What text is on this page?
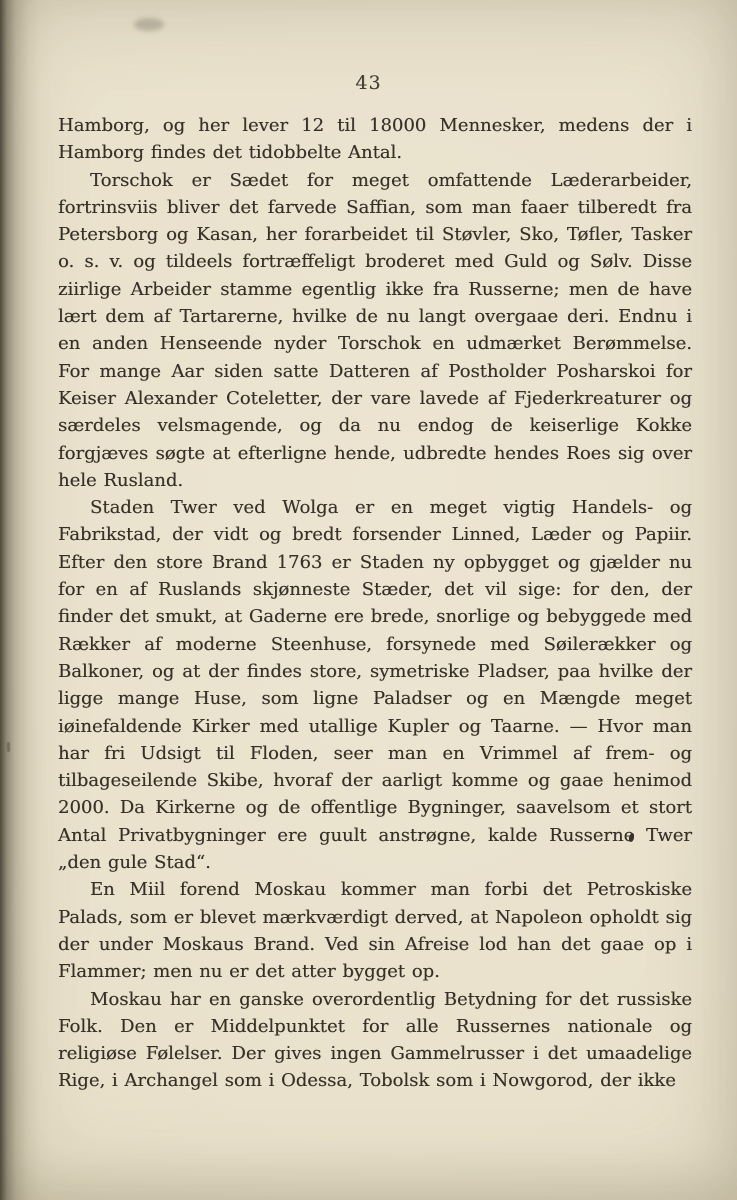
43

Hamborg, og her lever 12 til 18000 Mennesker, medens der i Hamborg findes det tidobbelte Antal.

Torschok er Sædet for meget omfattende Læderarbeider, fortrinsviis bliver det farvede Saffian, som man faaer tilberedt fra Petersborg og Kasan, her forarbeidet til Støvler, Sko, Tøfler, Tasker o. s. v. og tildeels fortræffeligt broderet med Guld og Sølv. Disse ziirlige Arbeider stamme egentlig ikke fra Russerne; men de have lært dem af Tartarerne, hvilke de nu langt overgaae deri. Endnu i en anden Henseende nyder Torschok en udmærket Berømmelse. For mange Aar siden satte Datteren af Postholder Posharskoi for Keiser Alexander Coteletter, der vare lavede af Fjederkreaturer og særdeles velsmagende, og da nu endog de keiserlige Kokke forgjæves søgte at efterligne hende, udbredte hendes Roes sig over hele Rusland.

Staden Twer ved Wolga er en meget vigtig Handels- og Fabrikstad, der vidt og bredt forsender Linned, Læder og Papiir. Efter den store Brand 1763 er Staden ny opbygget og gjælder nu for en af Ruslands skjønneste Stæder, det vil sige: for den, der finder det smukt, at Gaderne ere brede, snorlige og bebyggede med Rækker af moderne Steenhuse, forsynede med Søilerækker og Balkoner, og at der findes store, symetriske Pladser, paa hvilke der ligge mange Huse, som ligne Paladser og en Mængde meget iøinefaldende Kirker med utallige Kupler og Taarne. — Hvor man har fri Udsigt til Floden, seer man en Vrimmel af frem- og tilbageseilende Skibe, hvoraf der aarligt komme og gaae henimod 2000. Da Kirkerne og de offentlige Bygninger, saavelsom et stort Antal Privatbygninger ere guult anstrøgne, kalde Russerne Twer „den gule Stad“.

En Miil forend Moskau kommer man forbi det Petroskiske Palads, som er blevet mærkværdigt derved, at Napoleon opholdt sig der under Moskaus Brand. Ved sin Afreise lod han det gaae op i Flammer; men nu er det atter bygget op.

Moskau har en ganske overordentlig Betydning for det russiske Folk. Den er Middelpunktet for alle Russernes nationale og religiøse Følelser. Der gives ingen Gammelrusser i det umaadelige Rige, i Archangel som i Odessa, Tobolsk som i Nowgorod, der ikke
